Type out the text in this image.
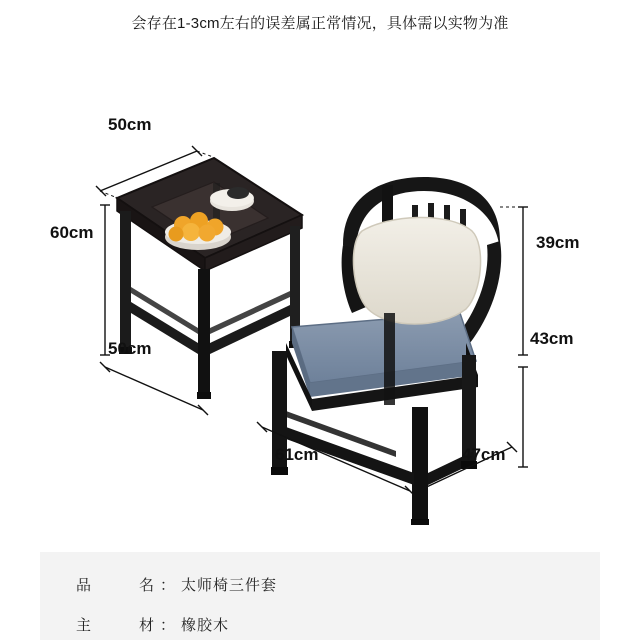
会存在1-3cm左右的误差属正常情况，具体需以实物为准
50cm
60cm
50cm
39cm
43cm
61cm	47cm
品　　名：太师椅三件套
主　　材：橡胶木
